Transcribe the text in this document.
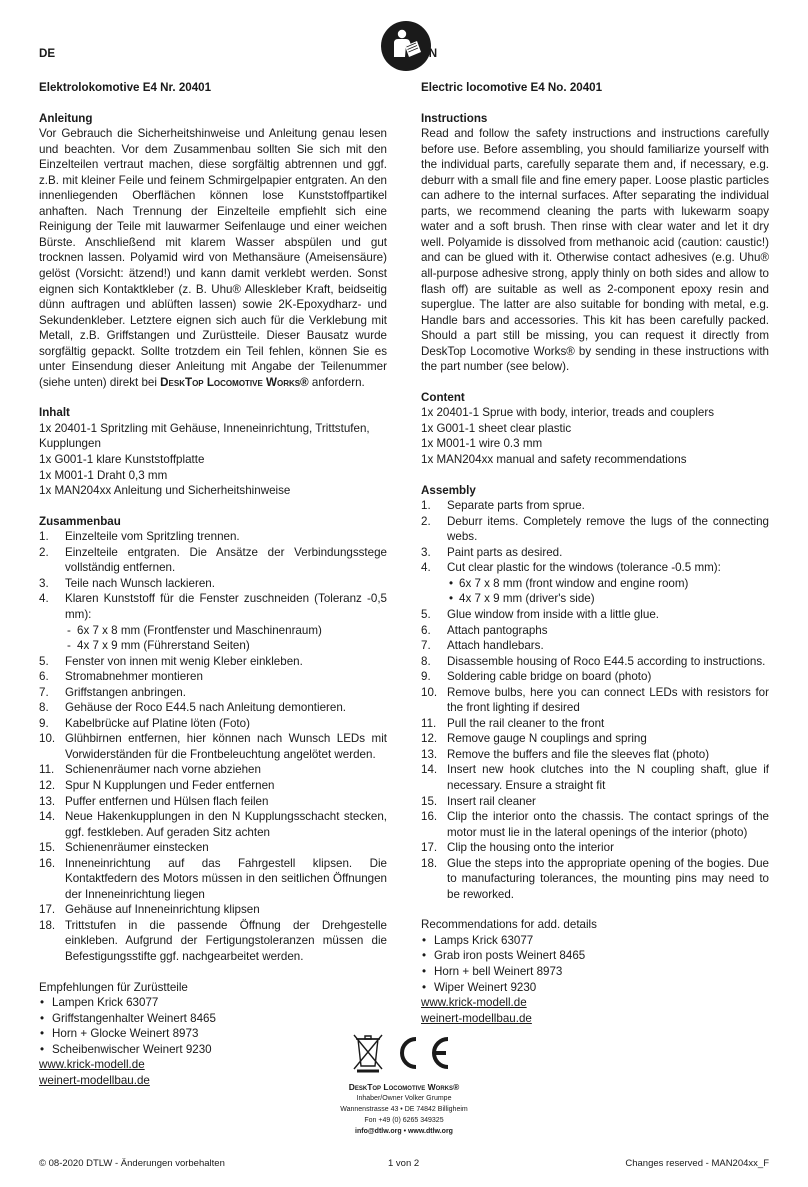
DE
Elektrolokomotive E4 Nr. 20401
Anleitung

Vor Gebrauch die Sicherheitshinweise und Anleitung genau lesen und beachten. Vor dem Zusammenbau sollten Sie sich mit den Einzelteilen vertraut machen, diese sorgfältig abtrennen und ggf. z.B. mit kleiner Feile und feinem Schmirgelpapier entgraten. An den innenliegenden Oberflächen können lose Kunststoffpartikel anhaften. Nach Trennung der Einzelteile empfiehlt sich eine Reinigung der Teile mit lauwarmer Seifenlauge und einer weichen Bürste. Anschließend mit klarem Wasser abspülen und gut trocknen lassen. Polyamid wird von Methansäure (Ameisensäure) gelöst (Vorsicht: ätzend!) und kann damit verklebt werden. Sonst eignen sich Kontaktkleber (z. B. Uhu® Alleskleber Kraft, beidseitig dünn auftragen und ablüften lassen) sowie 2K-Epoxydharz- und Sekundenkleber. Letztere eignen sich auch für die Verklebung mit Metall, z.B. Griffstangen und Zurüstteile. Dieser Bausatz wurde sorgfältig gepackt. Sollte trotzdem ein Teil fehlen, können Sie es unter Einsendung dieser Anleitung mit Angabe der Teilenummer (siehe unten) direkt bei DeskTop Locomotive Works® anfordern.

Inhalt
1x 20401-1 Spritzling mit Gehäuse, Inneneinrichtung, Trittstufen, Kupplungen
1x G001-1 klare Kunststoffplatte
1x M001-1 Draht 0,3 mm
1x MAN204xx Anleitung und Sicherheitshinweise
Zusammenbau
1. Einzelteile vom Spritzling trennen.
2. Einzelteile entgraten. Die Ansätze der Verbindungsstege vollständig entfernen.
3. Teile nach Wunsch lackieren.
4. Klaren Kunststoff für die Fenster zuschneiden (Toleranz -0,5 mm):
- 6x 7 x 8 mm (Frontfenster und Maschinenraum)
- 4x 7 x 9 mm (Führerstand Seiten)
5. Fenster von innen mit wenig Kleber einkleben.
6. Stromabnehmer montieren
7. Griffstangen anbringen.
8. Gehäuse der Roco E44.5 nach Anleitung demontieren.
9. Kabelbrücke auf Platine löten (Foto)
10. Glühbirnen entfernen, hier können nach Wunsch LEDs mit Vorwiderständen für die Frontbeleuchtung angelötet werden.
11. Schienenräumer nach vorne abziehen
12. Spur N Kupplungen und Feder entfernen
13. Puffer entfernen und Hülsen flach feilen
14. Neue Hakenkupplungen in den N Kupplungsschacht stecken, ggf. festkleben. Auf geraden Sitz achten
15. Schienenräumer einstecken
16. Inneneinrichtung auf das Fahrgestell klipsen. Die Kontaktfedern des Motors müssen in den seitlichen Öffnungen der Inneneinrichtung liegen
17. Gehäuse auf Inneneinrichtung klipsen
18. Trittstufen in die passende Öffnung der Drehgestelle einkleben. Aufgrund der Fertigungstoleranzen müssen die Befestigungsstifte ggf. nachgearbeitet werden.
Empfehlungen für Zurüstteile
• Lampen Krick 63077
• Griffstangenhalter Weinert 8465
• Horn + Glocke Weinert 8973
• Scheibenwischer Weinert 9230
www.krick-modell.de
weinert-modellbau.de
EN
Electric locomotive E4 No. 20401
Instructions

Read and follow the safety instructions and instructions carefully before use. Before assembling, you should familiarize yourself with the individual parts, carefully separate them and, if necessary, e.g. deburr with a small file and fine emery paper. Loose plastic particles can adhere to the internal surfaces. After separating the individual parts, we recommend cleaning the parts with lukewarm soapy water and a soft brush. Then rinse with clear water and let it dry well. Polyamide is dissolved from methanoic acid (caution: caustic!) and can be glued with it. Otherwise contact adhesives (e.g. Uhu® all-purpose adhesive strong, apply thinly on both sides and allow to flash off) are suitable as well as 2-component epoxy resin and superglue. The latter are also suitable for bonding with metal, e.g. Handle bars and accessories. This kit has been carefully packed. Should a part still be missing, you can request it directly from DeskTop Locomotive Works® by sending in these instructions with the part number (see below).

Content
1x 20401-1 Sprue with body, interior, treads and couplers
1x G001-1 sheet clear plastic
1x M001-1 wire 0.3 mm
1x MAN204xx manual and safety recommendations
Assembly
1. Separate parts from sprue.
2. Deburr items. Completely remove the lugs of the connecting webs.
3. Paint parts as desired.
4. Cut clear plastic for the windows (tolerance -0.5 mm):
• 6x 7 x 8 mm (front window and engine room)
• 4x 7 x 9 mm (driver's side)
5. Glue window from inside with a little glue.
6. Attach pantographs
7. Attach handlebars.
8. Disassemble housing of Roco E44.5 according to instructions.
9. Soldering cable bridge on board (photo)
10. Remove bulbs, here you can connect LEDs with resistors for the front lighting if desired
11. Pull the rail cleaner to the front
12. Remove gauge N couplings and spring
13. Remove the buffers and file the sleeves flat (photo)
14. Insert new hook clutches into the N coupling shaft, glue if necessary. Ensure a straight fit
15. Insert rail cleaner
16. Clip the interior onto the chassis. The contact springs of the motor must lie in the lateral openings of the interior (photo)
17. Clip the housing onto the interior
18. Glue the steps into the appropriate opening of the bogies. Due to manufacturing tolerances, the mounting pins may need to be reworked.
Recommendations for add. details
• Lamps Krick 63077
• Grab iron posts Weinert 8465
• Horn + bell Weinert 8973
• Wiper Weinert 9230
www.krick-modell.de
weinert-modellbau.de
DeskTop Locomotive Works®
Inhaber/Owner Volker Grumpe
Wannenstrasse 43 • DE 74842 Billigheim
Fon +49 (0) 6265 349325
info@dtlw.org • www.dtlw.org
© 08-2020 DTLW - Änderungen vorbehalten	1 von 2	Changes reserved - MAN204xx_F
